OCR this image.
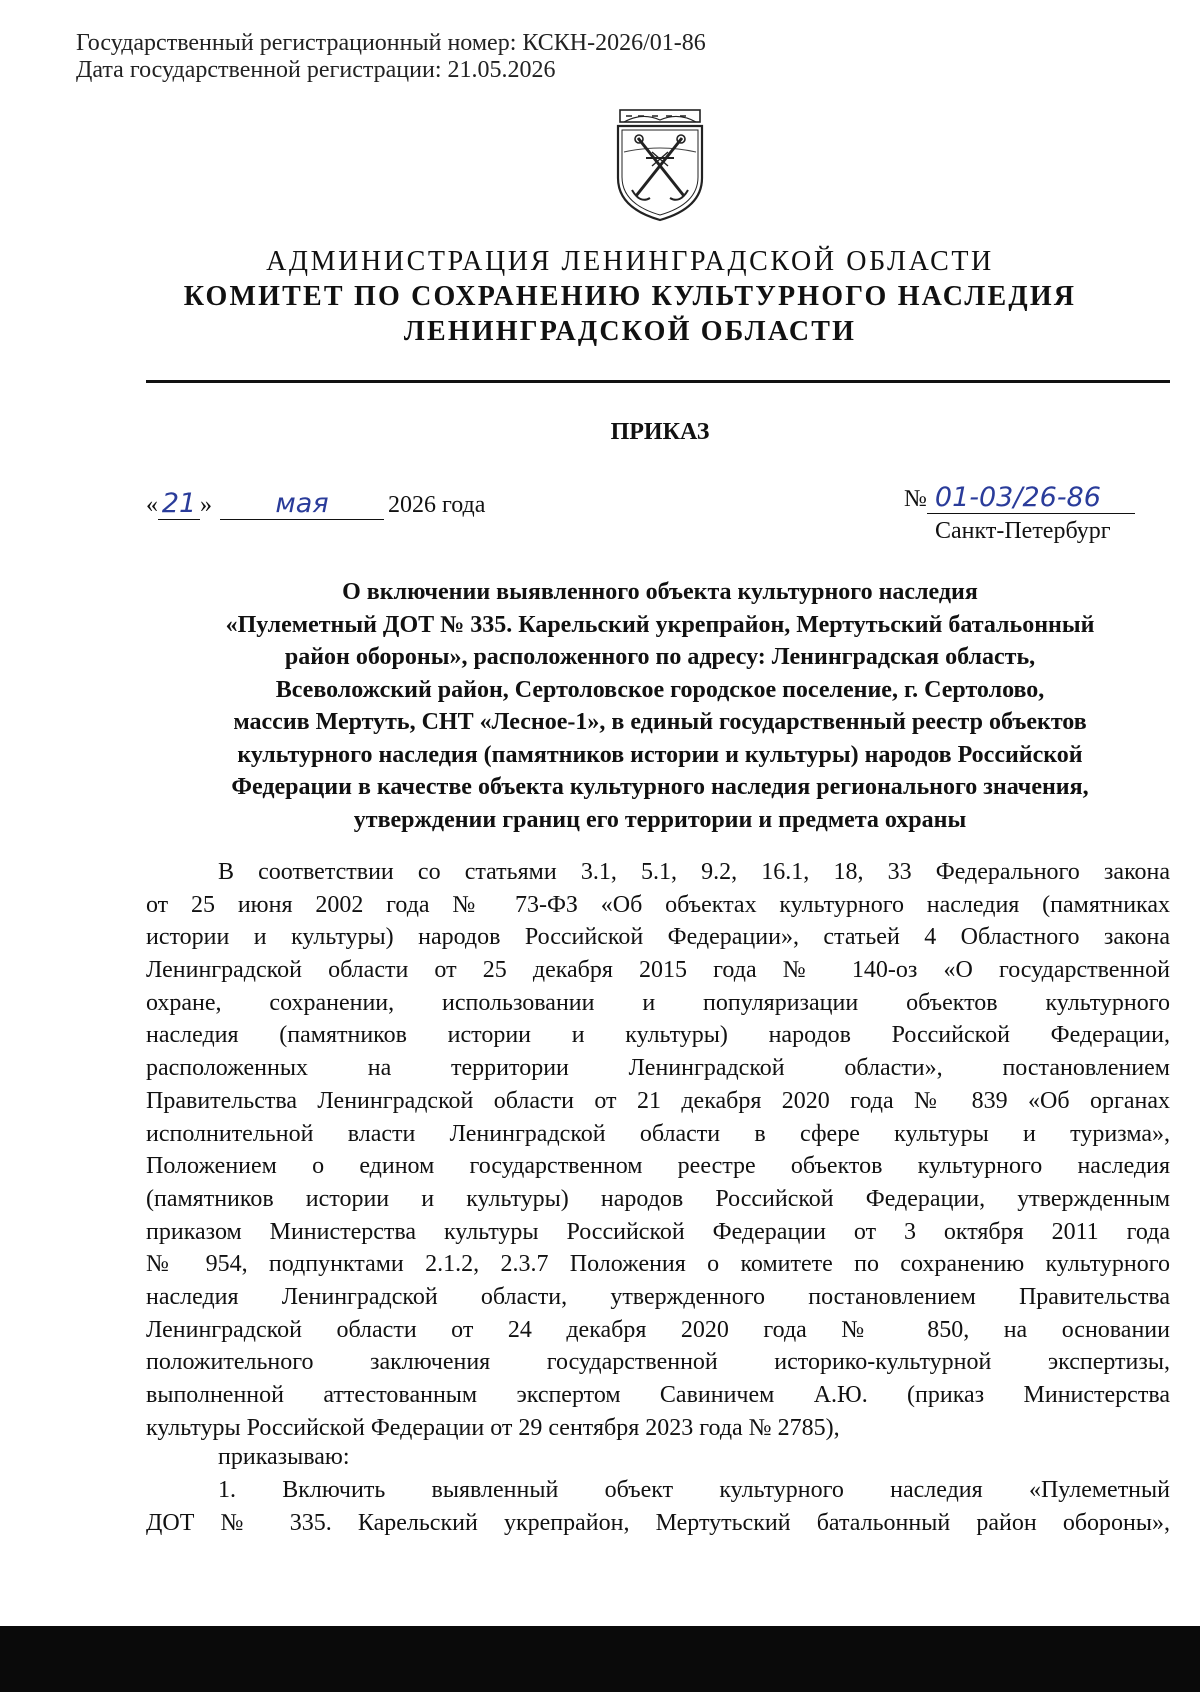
Государственный регистрационный номер: КСКН-2026/01-86
Дата государственной регистрации: 21.05.2026
АДМИНИСТРАЦИЯ ЛЕНИНГРАДСКОЙ ОБЛАСТИ
КОМИТЕТ ПО СОХРАНЕНИЮ КУЛЬТУРНОГО НАСЛЕДИЯ
ЛЕНИНГРАДСКОЙ ОБЛАСТИ
ПРИКАЗ
« 21 » мая 2026 года	№ 01-03/26-86
Санкт-Петербург
О включении выявленного объекта культурного наследия
«Пулеметный ДОТ № 335. Карельский укрепрайон, Мертутьский батальонный
район обороны», расположенного по адресу: Ленинградская область,
Всеволожский район, Сертоловское городское поселение, г. Сертолово,
массив Мертуть, СНТ «Лесное-1», в единый государственный реестр объектов
культурного наследия (памятников истории и культуры) народов Российской
Федерации в качестве объекта культурного наследия регионального значения,
утверждении границ его территории и предмета охраны
В соответствии со статьями 3.1, 5.1, 9.2, 16.1, 18, 33 Федерального закона
от 25 июня 2002 года № 73-ФЗ «Об объектах культурного наследия (памятниках
истории и культуры) народов Российской Федерации», статьей 4 Областного закона
Ленинградской области от 25 декабря 2015 года № 140-оз «О государственной
охране, сохранении, использовании и популяризации объектов культурного
наследия (памятников истории и культуры) народов Российской Федерации,
расположенных на территории Ленинградской области», постановлением
Правительства Ленинградской области от 21 декабря 2020 года № 839 «Об органах
исполнительной власти Ленинградской области в сфере культуры и туризма»,
Положением о едином государственном реестре объектов культурного наследия
(памятников истории и культуры) народов Российской Федерации, утвержденным
приказом Министерства культуры Российской Федерации от 3 октября 2011 года
№ 954, подпунктами 2.1.2, 2.3.7 Положения о комитете по сохранению культурного
наследия Ленинградской области, утвержденного постановлением Правительства
Ленинградской области от 24 декабря 2020 года № 850, на основании
положительного заключения государственной историко-культурной экспертизы,
выполненной аттестованным экспертом Савиничем А.Ю. (приказ Министерства
культуры Российской Федерации от 29 сентября 2023 года № 2785),
приказываю:
1. Включить выявленный объект культурного наследия «Пулеметный
ДОТ № 335. Карельский укрепрайон, Мертутьский батальонный район обороны»,
